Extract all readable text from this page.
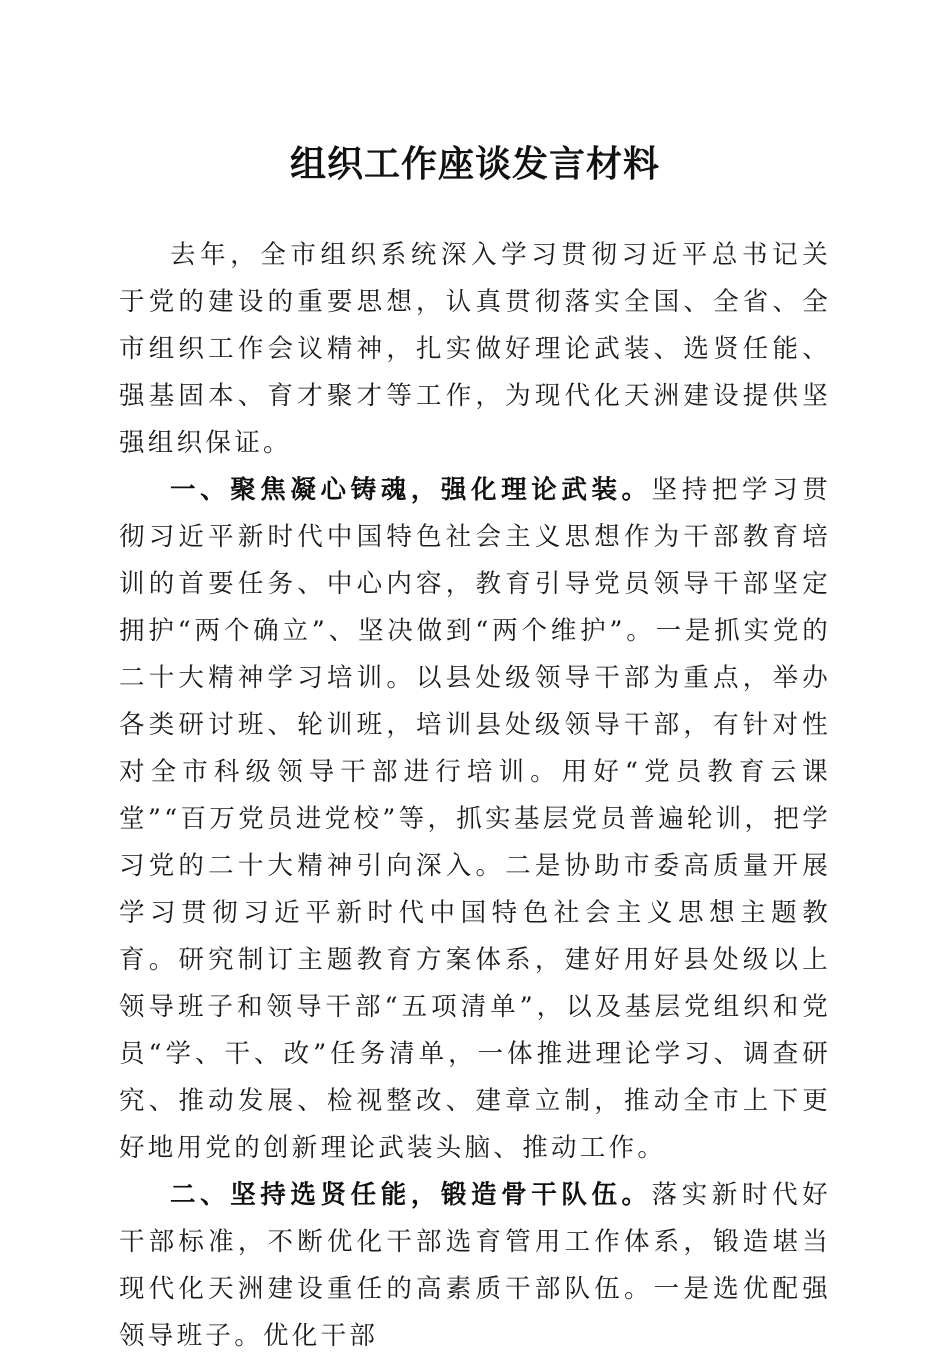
组织工作座谈发言材料

去年，全市组织系统深入学习贯彻习近平总书记关于党的建设的重要思想，认真贯彻落实全国、全省、全市组织工作会议精神，扎实做好理论武装、选贤任能、强基固本、育才聚才等工作，为现代化天洲建设提供坚强组织保证。

一、聚焦凝心铸魂，强化理论武装。坚持把学习贯彻习近平新时代中国特色社会主义思想作为干部教育培训的首要任务、中心内容，教育引导党员领导干部坚定拥护“两个确立”、坚决做到“两个维护”。一是抓实党的二十大精神学习培训。以县处级领导干部为重点，举办各类研讨班、轮训班，培训县处级领导干部，有针对性对全市科级领导干部进行培训。用好“党员教育云课堂”“百万党员进党校”等，抓实基层党员普遍轮训，把学习党的二十大精神引向深入。二是协助市委高质量开展学习贯彻习近平新时代中国特色社会主义思想主题教育。研究制订主题教育方案体系，建好用好县处级以上领导班子和领导干部“五项清单”，以及基层党组织和党员“学、干、改”任务清单，一体推进理论学习、调查研究、推动发展、检视整改、建章立制，推动全市上下更好地用党的创新理论武装头脑、推动工作。

二、坚持选贤任能，锻造骨干队伍。落实新时代好干部标准，不断优化干部选育管用工作体系，锻造堪当现代化天洲建设重任的高素质干部队伍。一是选优配强领导班子。优化干部
